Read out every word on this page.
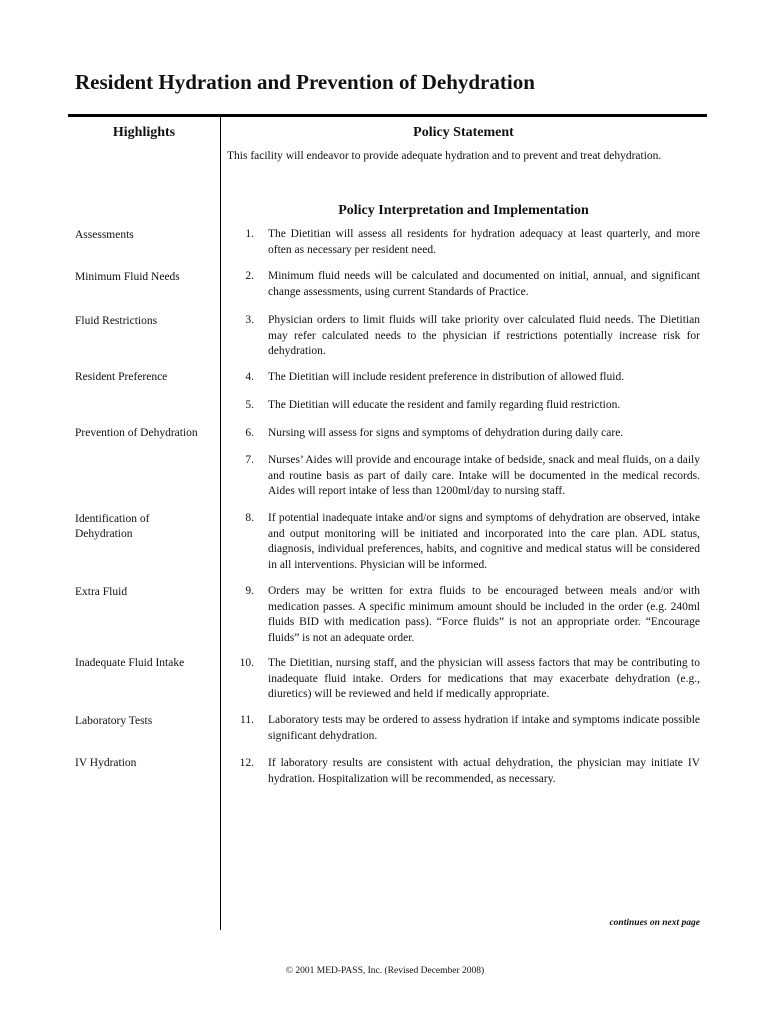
Resident Hydration and Prevention of Dehydration
Highlights	Policy Statement

This facility will endeavor to provide adequate hydration and to prevent and treat dehydration.

Policy Interpretation and Implementation
Assessments
Minimum Fluid Needs
Fluid Restrictions
Resident Preference
Prevention of Dehydration
Identification of Dehydration
Extra Fluid
Inadequate Fluid Intake
Laboratory Tests
IV Hydration
1. The Dietitian will assess all residents for hydration adequacy at least quarterly, and more often as necessary per resident need.

2. Minimum fluid needs will be calculated and documented on initial, annual, and significant change assessments, using current Standards of Practice.

3. Physician orders to limit fluids will take priority over calculated fluid needs. The Dietitian may refer calculated needs to the physician if restrictions potentially increase risk for dehydration.

4. The Dietitian will include resident preference in distribution of allowed fluid.

5. The Dietitian will educate the resident and family regarding fluid restriction.

6. Nursing will assess for signs and symptoms of dehydration during daily care.

7. Nurses’ Aides will provide and encourage intake of bedside, snack and meal fluids, on a daily and routine basis as part of daily care. Intake will be documented in the medical records. Aides will report intake of less than 1200ml/day to nursing staff.

8. If potential inadequate intake and/or signs and symptoms of dehydration are observed, intake and output monitoring will be initiated and incorporated into the care plan. ADL status, diagnosis, individual preferences, habits, and cognitive and medical status will be considered in all interventions. Physician will be informed.

9. Orders may be written for extra fluids to be encouraged between meals and/or with medication passes. A specific minimum amount should be included in the order (e.g. 240ml fluids BID with medication pass). “Force fluids” is not an appropriate order. “Encourage fluids” is not an adequate order.

10. The Dietitian, nursing staff, and the physician will assess factors that may be contributing to inadequate fluid intake. Orders for medications that may exacerbate dehydration (e.g., diuretics) will be reviewed and held if medically appropriate.

11. Laboratory tests may be ordered to assess hydration if intake and symptoms indicate possible significant dehydration.

12. If laboratory results are consistent with actual dehydration, the physician may initiate IV hydration. Hospitalization will be recommended, as necessary.

continues on next page
© 2001 MED-PASS, Inc. (Revised December 2008)
